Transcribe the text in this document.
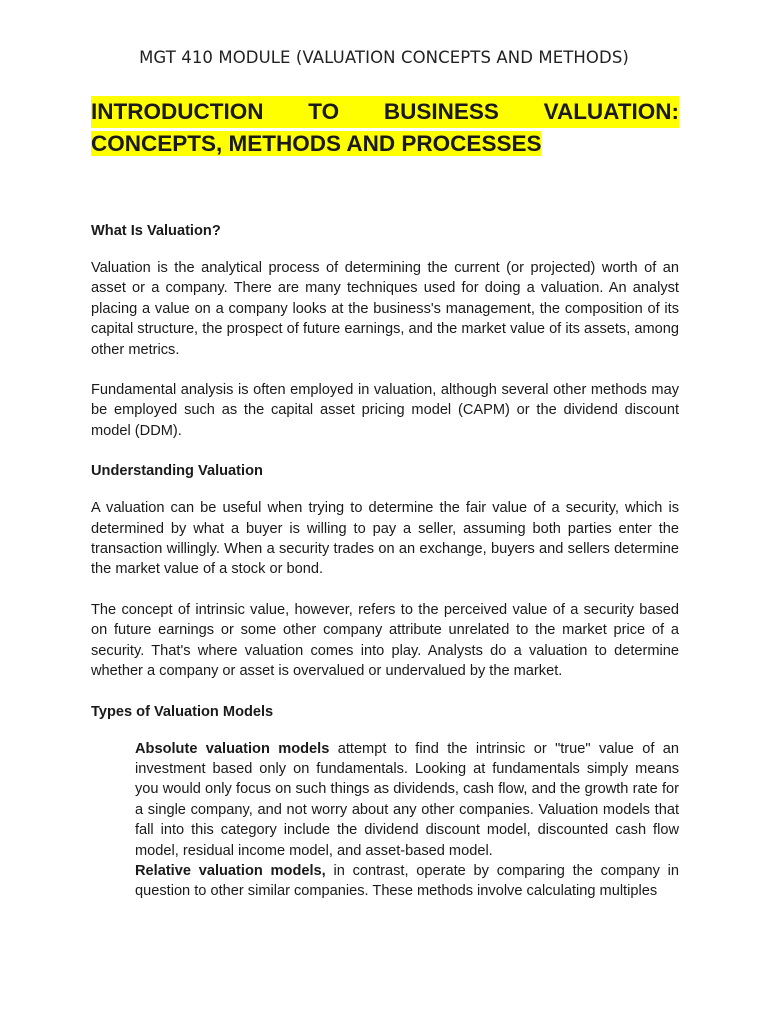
MGT 410 MODULE (VALUATION CONCEPTS AND METHODS)
INTRODUCTION TO BUSINESS VALUATION:
CONCEPTS, METHODS AND PROCESSES
What Is Valuation?

Valuation is the analytical process of determining the current (or projected) worth of an asset or a company. There are many techniques used for doing a valuation. An analyst placing a value on a company looks at the business's management, the composition of its capital structure, the prospect of future earnings, and the market value of its assets, among other metrics.

Fundamental analysis is often employed in valuation, although several other methods may be employed such as the capital asset pricing model (CAPM) or the dividend discount model (DDM).

Understanding Valuation

A valuation can be useful when trying to determine the fair value of a security, which is determined by what a buyer is willing to pay a seller, assuming both parties enter the transaction willingly. When a security trades on an exchange, buyers and sellers determine the market value of a stock or bond.

The concept of intrinsic value, however, refers to the perceived value of a security based on future earnings or some other company attribute unrelated to the market price of a security. That's where valuation comes into play. Analysts do a valuation to determine whether a company or asset is overvalued or undervalued by the market.

Types of Valuation Models

Absolute valuation models attempt to find the intrinsic or "true" value of an investment based only on fundamentals. Looking at fundamentals simply means you would only focus on such things as dividends, cash flow, and the growth rate for a single company, and not worry about any other companies. Valuation models that fall into this category include the dividend discount model, discounted cash flow model, residual income model, and asset-based model.

Relative valuation models, in contrast, operate by comparing the company in question to other similar companies. These methods involve calculating multiples
